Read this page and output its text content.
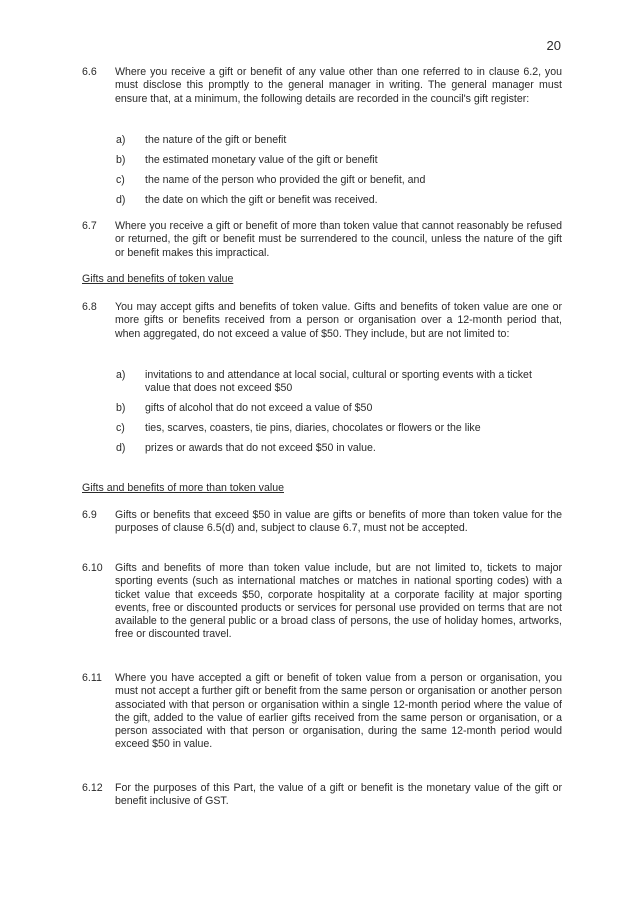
20
6.6 Where you receive a gift or benefit of any value other than one referred to in clause 6.2, you must disclose this promptly to the general manager in writing. The general manager must ensure that, at a minimum, the following details are recorded in the council's gift register:
a) the nature of the gift or benefit
b) the estimated monetary value of the gift or benefit
c) the name of the person who provided the gift or benefit, and
d) the date on which the gift or benefit was received.
6.7 Where you receive a gift or benefit of more than token value that cannot reasonably be refused or returned, the gift or benefit must be surrendered to the council, unless the nature of the gift or benefit makes this impractical.
Gifts and benefits of token value
6.8 You may accept gifts and benefits of token value. Gifts and benefits of token value are one or more gifts or benefits received from a person or organisation over a 12-month period that, when aggregated, do not exceed a value of $50. They include, but are not limited to:
a) invitations to and attendance at local social, cultural or sporting events with a ticket value that does not exceed $50
b) gifts of alcohol that do not exceed a value of $50
c) ties, scarves, coasters, tie pins, diaries, chocolates or flowers or the like
d) prizes or awards that do not exceed $50 in value.
Gifts and benefits of more than token value
6.9 Gifts or benefits that exceed $50 in value are gifts or benefits of more than token value for the purposes of clause 6.5(d) and, subject to clause 6.7, must not be accepted.
6.10 Gifts and benefits of more than token value include, but are not limited to, tickets to major sporting events (such as international matches or matches in national sporting codes) with a ticket value that exceeds $50, corporate hospitality at a corporate facility at major sporting events, free or discounted products or services for personal use provided on terms that are not available to the general public or a broad class of persons, the use of holiday homes, artworks, free or discounted travel.
6.11 Where you have accepted a gift or benefit of token value from a person or organisation, you must not accept a further gift or benefit from the same person or organisation or another person associated with that person or organisation within a single 12-month period where the value of the gift, added to the value of earlier gifts received from the same person or organisation, or a person associated with that person or organisation, during the same 12-month period would exceed $50 in value.
6.12 For the purposes of this Part, the value of a gift or benefit is the monetary value of the gift or benefit inclusive of GST.
